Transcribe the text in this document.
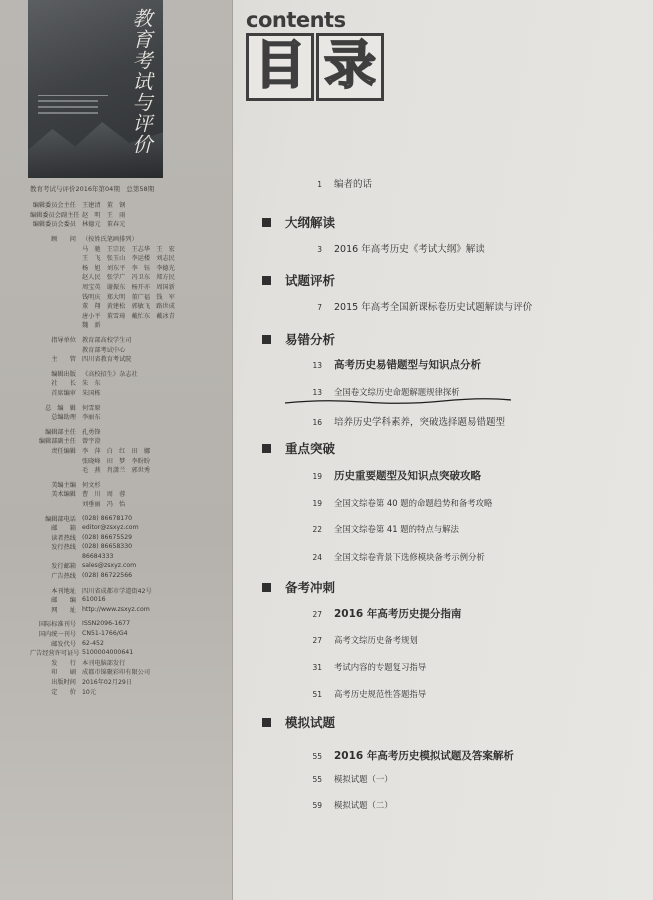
教育考试与评价
教育考试与评价2016年第04期　总第58期
编辑委员会主任 王建清　董　钢
编辑委员会副主任 赵　明　王　雨
编辑委员会委员 林德元　董春元
顾　　问 （按姓氏笔画排列）
马　驰　王宗民　王志华　王　宏
王　飞　张玉山　李运楼　刘志民
杨　旭　刘东平　李　钰　李德光
赵人民　张学广　冯卫东　郑方民
周宝英　谢振东　杨开亦　周国新
钱明庆　郑大明　董广福　钱　军
董　翔　黄建松　郭敏飞　路世成
唐小平　董雪琦　戴忙东　戴冰青
魏　新
指导单位 教育部高校学生司
教育部考试中心
主　　管 四川省教育考试院
编辑出版 《高校招生》杂志社
社　　长 朱　东
首席编审 朱国栋
总　编　辑 何雪原
总编助理 李丽东
编辑部主任 孔勇锋
编辑部副主任 曾宇澄
责任编辑 李　萍　白　红　田　娜
张晓峰　田　梦　李盼盼
毛　燕　肖潇兰　郭世秀
美编主编 何文杉
美术编辑 曹　川　周　蓉
刘垂丽　冯　怡
编辑部电话 (028) 86678170
邮　　箱 editor@zsxyz.com
读者热线 (028) 86675529
发行热线 (028) 86658330
86684333
发行邮箱 sales@zsxyz.com
广告热线 (028) 86722566
本刊地址 四川省成都市学道街42号
邮　　编 610016
网　　址 http://www.zsxyz.com
国际标准刊号 ISSN2096-1677
国内统一刊号 CN51-1766/G4
邮发代号 62-452
广告经营许可证号 5100004000641
发　　行 本刊电脑部发行
印　　刷 成都市锦聚彩印有限公司
出版时间 2016年02月29日
定　　价 10元
contents
目 录
1 编者的话
大纲解读
3 2016 年高考历史《考试大纲》解读
试题评析
7 2015 年高考全国新课标卷历史试题解读与评价
易错分析
13 高考历史易错题型与知识点分析
13 全国卷文综历史命题解题规律探析
16 培养历史学科素养，突破选择题易错题型
重点突破
19 历史重要题型及知识点突破攻略
19 全国文综卷第 40 题的命题趋势和备考攻略
22 全国文综卷第 41 题的特点与解法
24 全国文综卷背景下选修模块备考示例分析
备考冲刺
27 2016 年高考历史提分指南
27 高考文综历史备考规划
31 考试内容的专题复习指导
51 高考历史规范性答题指导
模拟试题
55 2016 年高考历史模拟试题及答案解析
55 模拟试题（一）
59 模拟试题（二）
